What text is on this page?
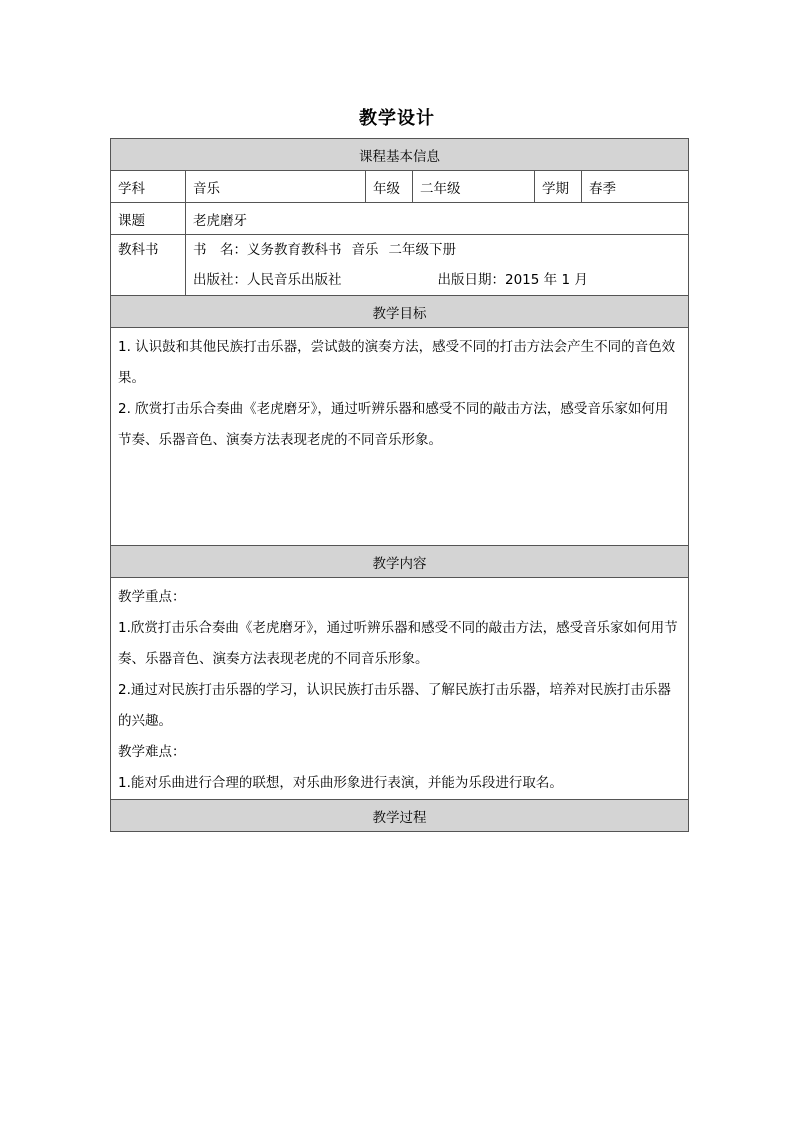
教学设计
课程基本信息					
学科	音乐	年级	二年级	学期	春季
课题	老虎磨牙				

教科书	书　名：义务教育教科书 音乐 二年级下册
出版社：人民音乐出版社 出版日期：2015 年 1 月				

教学目标					

1. 认识鼓和其他民族打击乐器，尝试鼓的演奏方法，感受不同的打击方法会产生不同的音色效果。

2. 欣赏打击乐合奏曲《老虎磨牙》，通过听辨乐器和感受不同的敲击方法，感受音乐家如何用节奏、乐器音色、演奏方法表现老虎的不同音乐形象。					

教学内容					

教学重点：

1.欣赏打击乐合奏曲《老虎磨牙》，通过听辨乐器和感受不同的敲击方法，感受音乐家如何用节奏、乐器音色、演奏方法表现老虎的不同音乐形象。

2.通过对民族打击乐器的学习，认识民族打击乐器、了解民族打击乐器，培养对民族打击乐器的兴趣。

教学难点：

1.能对乐曲进行合理的联想，对乐曲形象进行表演，并能为乐段进行取名。					

教学过程					
